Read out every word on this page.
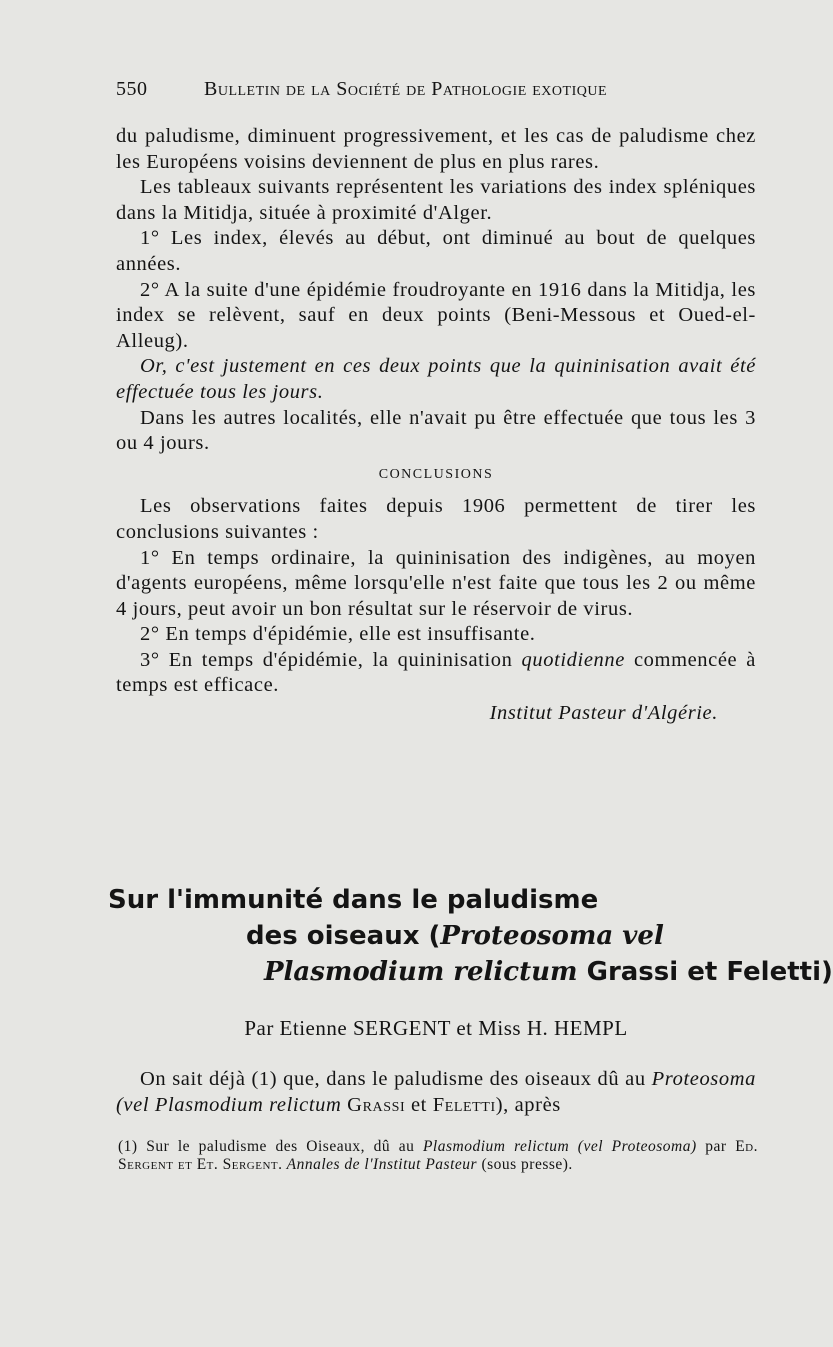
550	Bulletin de la Société de Pathologie exotique

du paludisme, diminuent progressivement, et les cas de paludisme chez les Européens voisins deviennent de plus en plus rares.

Les tableaux suivants représentent les variations des index spléniques dans la Mitidja, située à proximité d'Alger.

1° Les index, élevés au début, ont diminué au bout de quelques années.

2° A la suite d'une épidémie froudroyante en 1916 dans la Mitidja, les index se relèvent, sauf en deux points (Beni-Messous et Oued-el-Alleug).

Or, c'est justement en ces deux points que la quininisation avait été effectuée tous les jours.

Dans les autres localités, elle n'avait pu être effectuée que tous les 3 ou 4 jours.

CONCLUSIONS

Les observations faites depuis 1906 permettent de tirer les conclusions suivantes :

1° En temps ordinaire, la quininisation des indigènes, au moyen d'agents européens, même lorsqu'elle n'est faite que tous les 2 ou même 4 jours, peut avoir un bon résultat sur le réservoir de virus.

2° En temps d'épidémie, elle est insuffisante.

3° En temps d'épidémie, la quininisation quotidienne commencée à temps est efficace.

Institut Pasteur d'Algérie.

Sur l'immunité dans le paludisme
des oiseaux (Proteosoma vel
Plasmodium relictum Grassi et Feletti)
Par Etienne SERGENT et Miss H. HEMPL

On sait déjà (1) que, dans le paludisme des oiseaux dû au Proteosoma (vel Plasmodium relictum Grassi et Feletti), après

(1) Sur le paludisme des Oiseaux, dû au Plasmodium relictum (vel Proteosoma) par Ed. Sergent et Et. Sergent. Annales de l'Institut Pasteur (sous presse).
